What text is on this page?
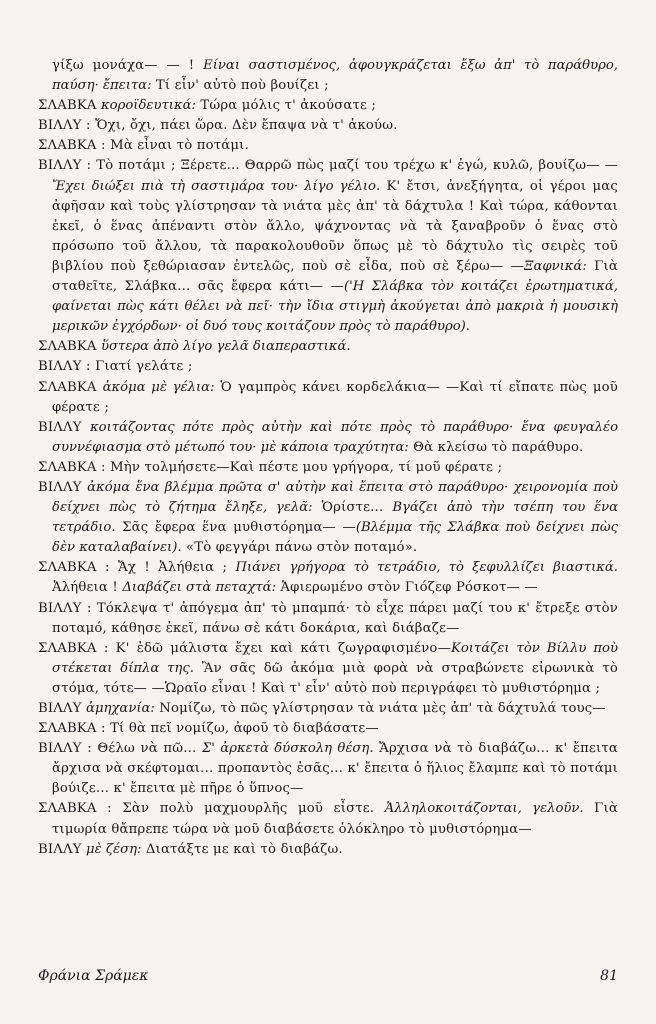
γίξω μονάχα— — ! Είναι σαστισμένος, ἀφουγκράζεται ἔξω ἀπ' τὸ παράθυρο, παύση· ἔπειτα: Τί εἶν' αὐτὸ ποὺ βουίζει ;

ΣΛΑΒΚΑ κοροϊδευτικά: Τώρα μόλις τ' ἀκούσατε ;

ΒΙΛΛΥ : Ὄχι, ὄχι, πάει ὥρα. Δὲν ἔπαψα νὰ τ' ἀκούω.

ΣΛΑΒΚΑ : Μὰ εἶναι τὸ ποτάμι.

ΒΙΛΛΥ : Τὸ ποτάμι ; Ξέρετε... Θαρρῶ πὼς μαζί του τρέχω κ' ἐγώ, κυλῶ, βουίζω— —Ἔχει διώξει πιὰ τὴ σαστιμάρα του· λίγο γέλιο. Κ' ἔτσι, ἀνεξήγητα, οἱ γέροι μας ἀφῆσαν καὶ τοὺς γλίστρησαν τὰ νιάτα μὲς ἀπ' τὰ δάχτυλα ! Καὶ τώρα, κάθονται ἐκεῖ, ὁ ἕνας ἀπέναντι στὸν ἄλλο, ψάχνοντας νὰ τὰ ξαναβροῦν ὁ ἕνας στὸ πρόσωπο τοῦ ἄλλου, τὰ παρακολουθοῦν ὅπως μὲ τὸ δάχτυλο τὶς σειρὲς τοῦ βιβλίου ποὺ ξεθώριασαν ἐντελῶς, ποὺ σὲ εἶδα, ποὺ σὲ ξέρω— —Ξαφνικά: Γιὰ σταθεῖτε, Σλάβκα... σᾶς ἔφερα κάτι— —('Η Σλάβκα τὸν κοιτάζει ἐρωτηματικά, φαίνεται πὼς κάτι θέλει νὰ πεῖ· τὴν ἴδια στιγμὴ ἀκούγεται ἀπὸ μακριὰ ἡ μουσικὴ μερικῶν ἐγχόρδων· οἱ δυό τους κοιτάζουν πρὸς τὸ παράθυρο).

ΣΛΑΒΚΑ ὕστερα ἀπὸ λίγο γελᾶ διαπεραστικά.

ΒΙΛΛΥ : Γιατί γελάτε ;

ΣΛΑΒΚΑ ἀκόμα μὲ γέλια: Ὁ γαμπρὸς κάνει κορδελάκια— —Καὶ τί εἴπατε πὼς μοῦ φέρατε ;

ΒΙΛΛΥ κοιτάζοντας πότε πρὸς αὐτὴν καὶ πότε πρὸς τὸ παράθυρο· ἕνα φευγαλέο συννέφιασμα στὸ μέτωπό του· μὲ κάποια τραχύτητα: Θὰ κλείσω τὸ παράθυρο.

ΣΛΑΒΚΑ : Μὴν τολμήσετε—Καὶ πέστε μου γρήγορα, τί μοῦ φέρατε ;

ΒΙΛΛΥ ἀκόμα ἕνα βλέμμα πρῶτα σ' αὐτὴν καὶ ἔπειτα στὸ παράθυρο· χειρονομία ποὺ δείχνει πὼς τὸ ζήτημα ἔληξε, γελᾶ: Ὁρίστε... Βγάζει ἀπὸ τὴν τσέπη του ἕνα τετράδιο. Σᾶς ἔφερα ἕνα μυθιστόρημα— —(Βλέμμα τῆς Σλάβκα ποὺ δείχνει πὼς δὲν καταλαβαίνει). «Τὸ φεγγάρι πάνω στὸν ποταμό».

ΣΛΑΒΚΑ : Ἄχ ! Ἀλήθεια ; Πιάνει γρήγορα τὸ τετράδιο, τὸ ξεφυλλίζει βιαστικά. Ἀλήθεια ! Διαβάζει στὰ πεταχτά: Ἀφιερωμένο στὸν Γιόζεφ Ρόσκοτ— —

ΒΙΛΛΥ : Τόκλεψα τ' ἀπόγεμα ἀπ' τὸ μπαμπά· τὸ εἶχε πάρει μαζί του κ' ἔτρεξε στὸν ποταμό, κάθησε ἐκεῖ, πάνω σὲ κάτι δοκάρια, καὶ διάβαζε—

ΣΛΑΒΚΑ : Κ' ἐδῶ μάλιστα ἔχει καὶ κάτι ζωγραφισμένο—Κοιτάζει τὸν Βίλλυ ποὺ στέκεται δίπλα της. Ἂν σᾶς δῶ ἀκόμα μιὰ φορὰ νὰ στραβώνετε εἰρωνικὰ τὸ στόμα, τότε— —Ὡραῖο εἶναι ! Καὶ τ' εἶν' αὐτὸ ποὺ περιγράφει τὸ μυθιστόρημα ;

ΒΙΛΛΥ ἀμηχανία: Νομίζω, τὸ πῶς γλίστρησαν τὰ νιάτα μὲς ἀπ' τὰ δάχτυλά τους—

ΣΛΑΒΚΑ : Τί θὰ πεῖ νομίζω, ἀφοῦ τὸ διαβάσατε—

ΒΙΛΛΥ : Θέλω νὰ πῶ... Σ' ἀρκετὰ δύσκολη θέση. Ἄρχισα νὰ τὸ διαβάζω... κ' ἔπειτα ἄρχισα νὰ σκέφτομαι... προπαντὸς ἐσᾶς... κ' ἔπειτα ὁ ἥλιος ἔλαμπε καὶ τὸ ποτάμι βούιζε... κ' ἔπειτα μὲ πῆρε ὁ ὕπνος—

ΣΛΑΒΚΑ : Σὰν πολὺ μαχμουρλῆς μοῦ εἶστε. Ἀλληλοκοιτάζονται, γελοῦν. Γιὰ τιμωρία θἄπρεπε τώρα νὰ μοῦ διαβάσετε ὁλόκληρο τὸ μυθιστόρημα—

ΒΙΛΛΥ μὲ ζέση: Διατάξτε με καὶ τὸ διαβάζω.

Φράνια Σράμεκ	81
